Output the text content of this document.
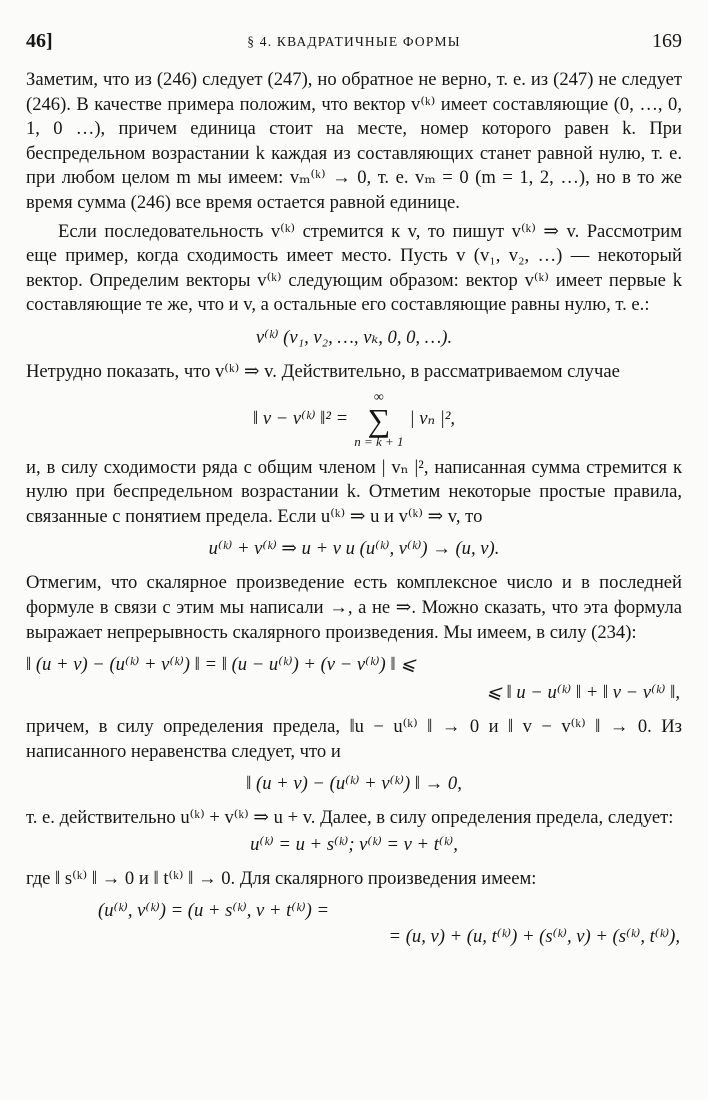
46]	§ 4. КВАДРАТИЧНЫЕ ФОРМЫ	169

Заметим, что из (246) следует (247), но обратное не верно, т. е. из (247) не следует (246). В качестве примера положим, что вектор v⁽ᵏ⁾ имеет составляющие (0, …, 0, 1, 0 …), причем единица стоит на месте, номер которого равен k. При беспредельном возрастании k каждая из составляющих станет равной нулю, т. е. при любом целом m мы имеем: vₘ⁽ᵏ⁾ → 0, т. е. vₘ = 0 (m = 1, 2, …), но в то же время сумма (246) все время остается равной единице.

Если последовательность v⁽ᵏ⁾ стремится к v, то пишут v⁽ᵏ⁾ ⇒ v. Рассмотрим еще пример, когда сходимость имеет место. Пусть v (v₁, v₂, …) — некоторый вектор. Определим векторы v⁽ᵏ⁾ следующим образом: вектор v⁽ᵏ⁾ имеет первые k составляющие те же, что и v, а остальные его составляющие равны нулю, т. е.:

v⁽ᵏ⁾ (v₁, v₂, …, vₖ, 0, 0, …).

Нетрудно показать, что v⁽ᵏ⁾ ⇒ v. Действительно, в рассматриваемом случае

‖ v − v⁽ᵏ⁾ ‖² =
∞
∑
n = k + 1
| vₙ |²,

и, в силу сходимости ряда с общим членом | vₙ |², написанная сумма стремится к нулю при беспредельном возрастании k. Отметим некоторые простые правила, связанные с понятием предела. Если u⁽ᵏ⁾ ⇒ u и v⁽ᵏ⁾ ⇒ v, то

u⁽ᵏ⁾ + v⁽ᵏ⁾ ⇒ u + v и (u⁽ᵏ⁾, v⁽ᵏ⁾) → (u, v).

Отмегим, что скалярное произведение есть комплексное число и в последней формуле в связи с этим мы написали →, а не ⇒. Можно сказать, что эта формула выражает непрерывность скалярного произведения. Мы имеем, в силу (234):

‖ (u + v) − (u⁽ᵏ⁾ + v⁽ᵏ⁾) ‖ = ‖ (u − u⁽ᵏ⁾) + (v − v⁽ᵏ⁾) ‖ ⩽
⩽ ‖ u − u⁽ᵏ⁾ ‖ + ‖ v − v⁽ᵏ⁾ ‖,

причем, в силу определения предела, ‖u − u⁽ᵏ⁾ ‖ → 0 и ‖ v − v⁽ᵏ⁾ ‖ → 0. Из написанного неравенства следует, что и

‖ (u + v) − (u⁽ᵏ⁾ + v⁽ᵏ⁾) ‖ → 0,

т. е. действительно u⁽ᵏ⁾ + v⁽ᵏ⁾ ⇒ u + v. Далее, в силу определения предела, следует:

u⁽ᵏ⁾ = u + s⁽ᵏ⁾; v⁽ᵏ⁾ = v + t⁽ᵏ⁾,

где ‖ s⁽ᵏ⁾ ‖ → 0 и ‖ t⁽ᵏ⁾ ‖ → 0. Для скалярного произведения имеем:

(u⁽ᵏ⁾, v⁽ᵏ⁾) = (u + s⁽ᵏ⁾, v + t⁽ᵏ⁾) =
= (u, v) + (u, t⁽ᵏ⁾) + (s⁽ᵏ⁾, v) + (s⁽ᵏ⁾, t⁽ᵏ⁾),
